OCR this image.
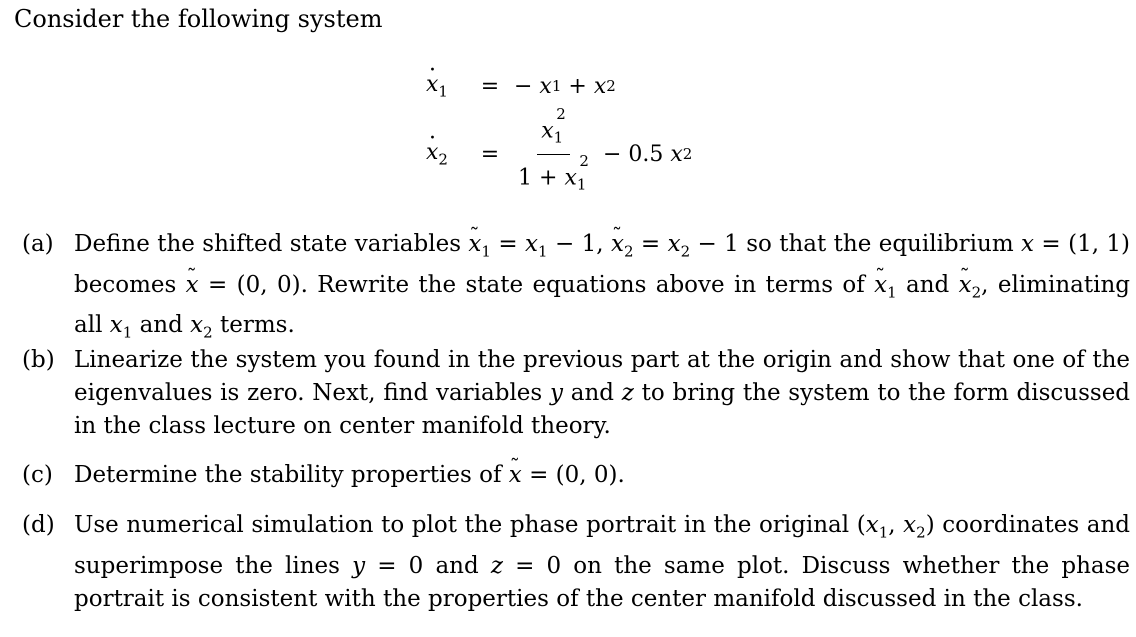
Consider the following system
· $x_1$	= − x 1
+ x 2
· $x_2$	= $\frac{x_1^2}{1 + x_1^2}$ −
0.5 x 2
(a) Define the shifted state variables ˜ $x_1 = x_1 - 1$, ˜ $x_2 = x_2 - 1$ so that the equilibrium x = (1, 1) becomes ˜ x = (0, 0). Rewrite the state equations above in terms of ˜ $x_1$ and ˜ $x_2$, eliminating all $x_1$ and $x_2$ terms.
(b) Linearize the system you found in the previous part at the origin and show that one of the eigenvalues is zero. Next, find variables y and z to bring the system to the form discussed in the class lecture on center manifold theory.
(c) Determine the stability properties of ˜ x = (0, 0).
(d) Use numerical simulation to plot the phase portrait in the original ($x_1$, $x_2$) coordinates and superimpose the lines y = 0 and z = 0 on the same plot. Discuss whether the phase portrait is consistent with the properties of the center manifold discussed in the class.
